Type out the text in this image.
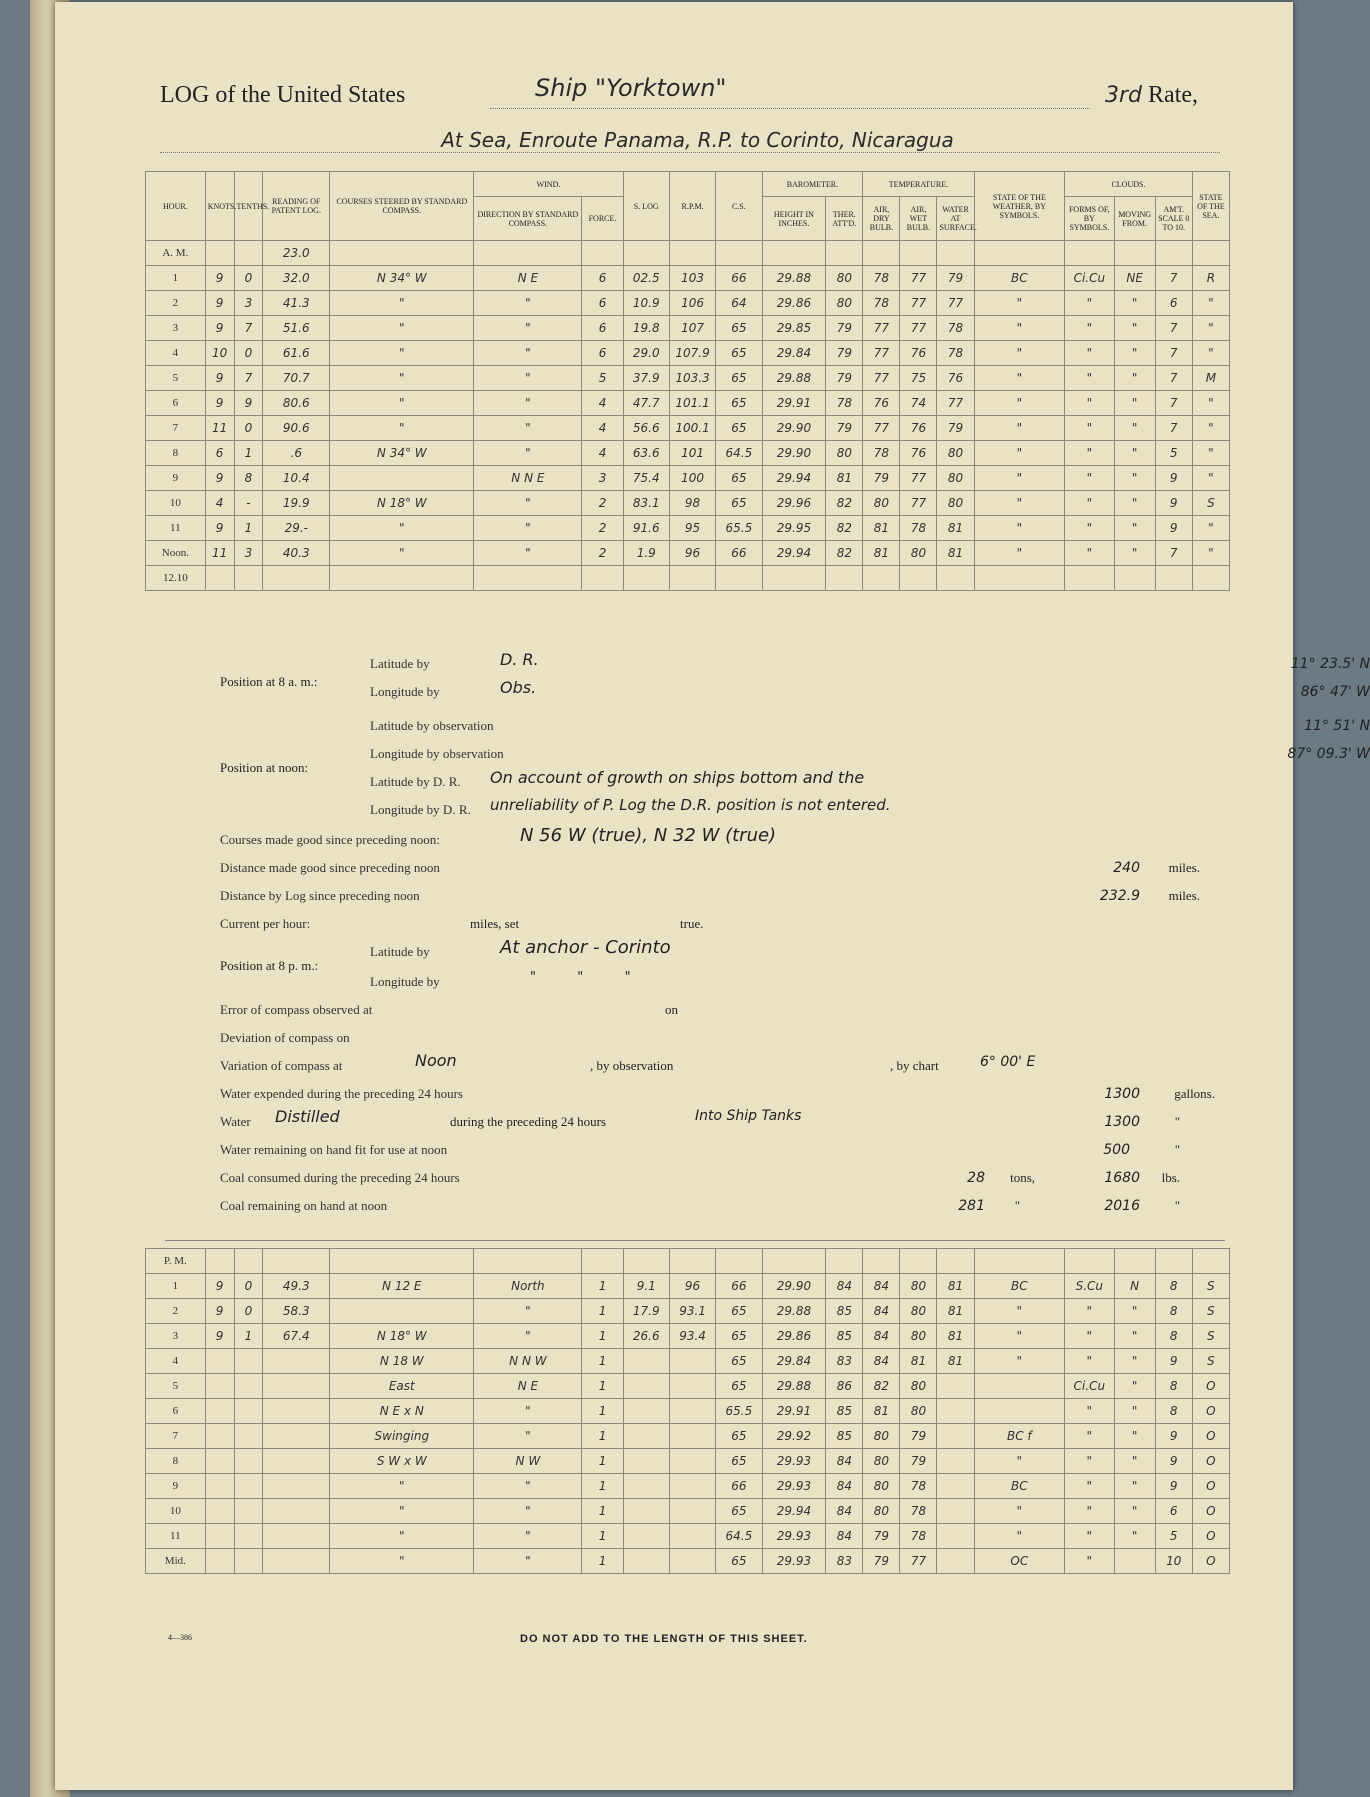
LOG of the United States	Ship "Yorktown"	3rd Rate,
At Sea, Enroute Panama, R.P. to Corinto, Nicaragua
HOUR.	KNOTS.	TENTHS.	READING OF PATENT LOG.	COURSES STEERED BY STANDARD COMPASS.	WIND.		S. LOG	R.P.M.	C.S.	BAROMETER.		TEMPERATURE.			STATE OF THE WEATHER, BY SYMBOLS.	CLOUDS.			STATE OF THE SEA.
					DIRECTION BY STANDARD COMPASS.	FORCE.				HEIGHT IN INCHES.	THER. ATT'D.	AIR, DRY BULB.	AIR, WET BULB.	WATER AT SURFACE.		FORMS OF, BY SYMBOLS.	MOVING FROM.	AM'T. SCALE 0 TO 10.	
A. M.			23.0																
1	9	0	32.0	N 34° W	N E	6	02.5	103	66	29.88	80	78	77	79	BC	Ci.Cu	NE	7	R
2	9	3	41.3	"	"	6	10.9	106	64	29.86	80	78	77	77	"	"	"	6	"
3	9	7	51.6	"	"	6	19.8	107	65	29.85	79	77	77	78	"	"	"	7	"
4	10	0	61.6	"	"	6	29.0	107.9	65	29.84	79	77	76	78	"	"	"	7	"
5	9	7	70.7	"	"	5	37.9	103.3	65	29.88	79	77	75	76	"	"	"	7	M
6	9	9	80.6	"	"	4	47.7	101.1	65	29.91	78	76	74	77	"	"	"	7	"
7	11	0	90.6	"	"	4	56.6	100.1	65	29.90	79	77	76	79	"	"	"	7	"
8	6	1	.6	N 34° W	"	4	63.6	101	64.5	29.90	80	78	76	80	"	"	"	5	"
9	9	8	10.4		N N E	3	75.4	100	65	29.94	81	79	77	80	"	"	"	9	"
10	4	-	19.9	N 18° W	"	2	83.1	98	65	29.96	82	80	77	80	"	"	"	9	S
11	9	1	29.-	"	"	2	91.6	95	65.5	29.95	82	81	78	81	"	"	"	9	"
Noon.	11	3	40.3	"	"	2	1.9	96	66	29.94	82	81	80	81	"	"	"	7	"
12.10																			
Position at 8 a. m.:
Latitude by	D. R.	11° 23.5' N
Longitude by	Obs.	86° 47' W
Position at noon:
Latitude by observation	11° 51' N
Longitude by observation	87° 09.3' W
Latitude by D. R. On account of growth on ships bottom and the
Longitude by D. R. unreliability of P. Log the D.R. position is not entered.
Courses made good since preceding noon:	N 56 W (true), N 32 W (true)
Distance made good since preceding noon	240 miles.
Distance by Log since preceding noon	232.9 miles.
Current per hour:	miles, set	true.
Position at 8 p. m.:
Latitude by	At anchor - Corinto
Longitude by	"          "          "
Error of compass observed at	on
Deviation of compass on
Variation of compass at	Noon	, by observation	, by chart	6° 00' E
Water expended during the preceding 24 hours	1300	gallons.
Water Distilled	during the preceding 24 hours	Into Ship Tanks	1300	"
Water remaining on hand fit for use at noon	500	"
Coal consumed during the preceding 24 hours	28 tons,	1680 lbs.
Coal remaining on hand at noon	281 "	2016	"
P. M.																			
1	9	0	49.3	N 12 E	North	1	9.1	96	66	29.90	84	84	80	81	BC	S.Cu	N	8	S
2	9	0	58.3		"	1	17.9	93.1	65	29.88	85	84	80	81	"	"	"	8	S
3	9	1	67.4	N 18° W	"	1	26.6	93.4	65	29.86	85	84	80	81	"	"	"	8	S
4				N 18 W	N N W	1			65	29.84	83	84	81	81	"	"	"	9	S
5				East	N E	1			65	29.88	86	82	80			Ci.Cu	"	8	O
6				N E x N	"	1			65.5	29.91	85	81	80			"	"	8	O
7				Swinging	"	1			65	29.92	85	80	79		BC f	"	"	9	O
8				S W x W	N W	1			65	29.93	84	80	79		"	"	"	9	O
9				"	"	1			66	29.93	84	80	78		BC	"	"	9	O
10				"	"	1			65	29.94	84	80	78		"	"	"	6	O
11				"	"	1			64.5	29.93	84	79	78		"	"	"	5	O
Mid.				"	"	1			65	29.93	83	79	77		OC	"		10	O
4—386	DO NOT ADD TO THE LENGTH OF THIS SHEET.
